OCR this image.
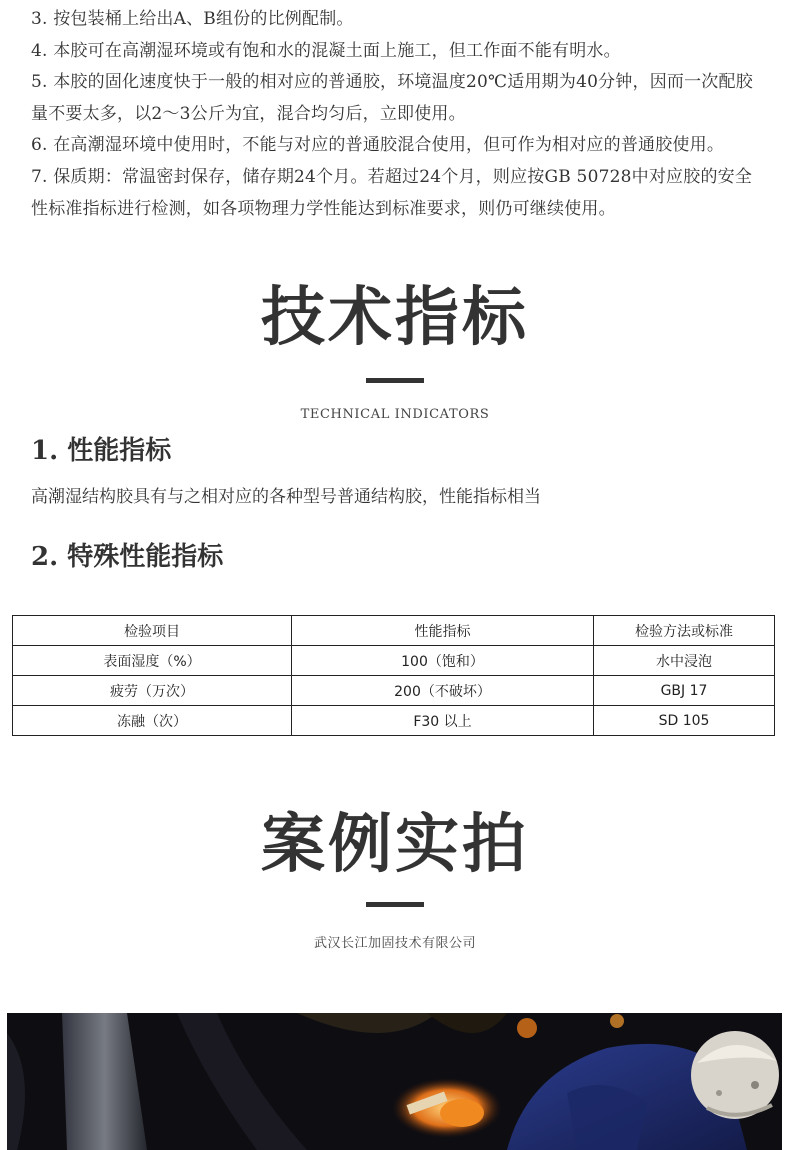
3. 按包装桶上给出A、B组份的比例配制。

4. 本胶可在高潮湿环境或有饱和水的混凝土面上施工，但工作面不能有明水。

5. 本胶的固化速度快于一般的相对应的普通胶，环境温度20℃适用期为40分钟，因而一次配胶量不要太多，以2～3公斤为宜，混合均匀后，立即使用。

6. 在高潮湿环境中使用时，不能与对应的普通胶混合使用，但可作为相对应的普通胶使用。

7. 保质期：常温密封保存，储存期24个月。若超过24个月，则应按GB 50728中对应胶的安全性标准指标进行检测，如各项物理力学性能达到标准要求，则仍可继续使用。

技术指标
TECHNICAL INDICATORS
1. 性能指标

高潮湿结构胶具有与之相对应的各种型号普通结构胶，性能指标相当

2. 特殊性能指标
检验项目	性能指标	检验方法或标准
表面湿度（%）	100（饱和）	水中浸泡
疲劳（万次）	200（不破坏）	GBJ 17
冻融（次）	F30 以上	SD 105
案例实拍
武汉长江加固技术有限公司
